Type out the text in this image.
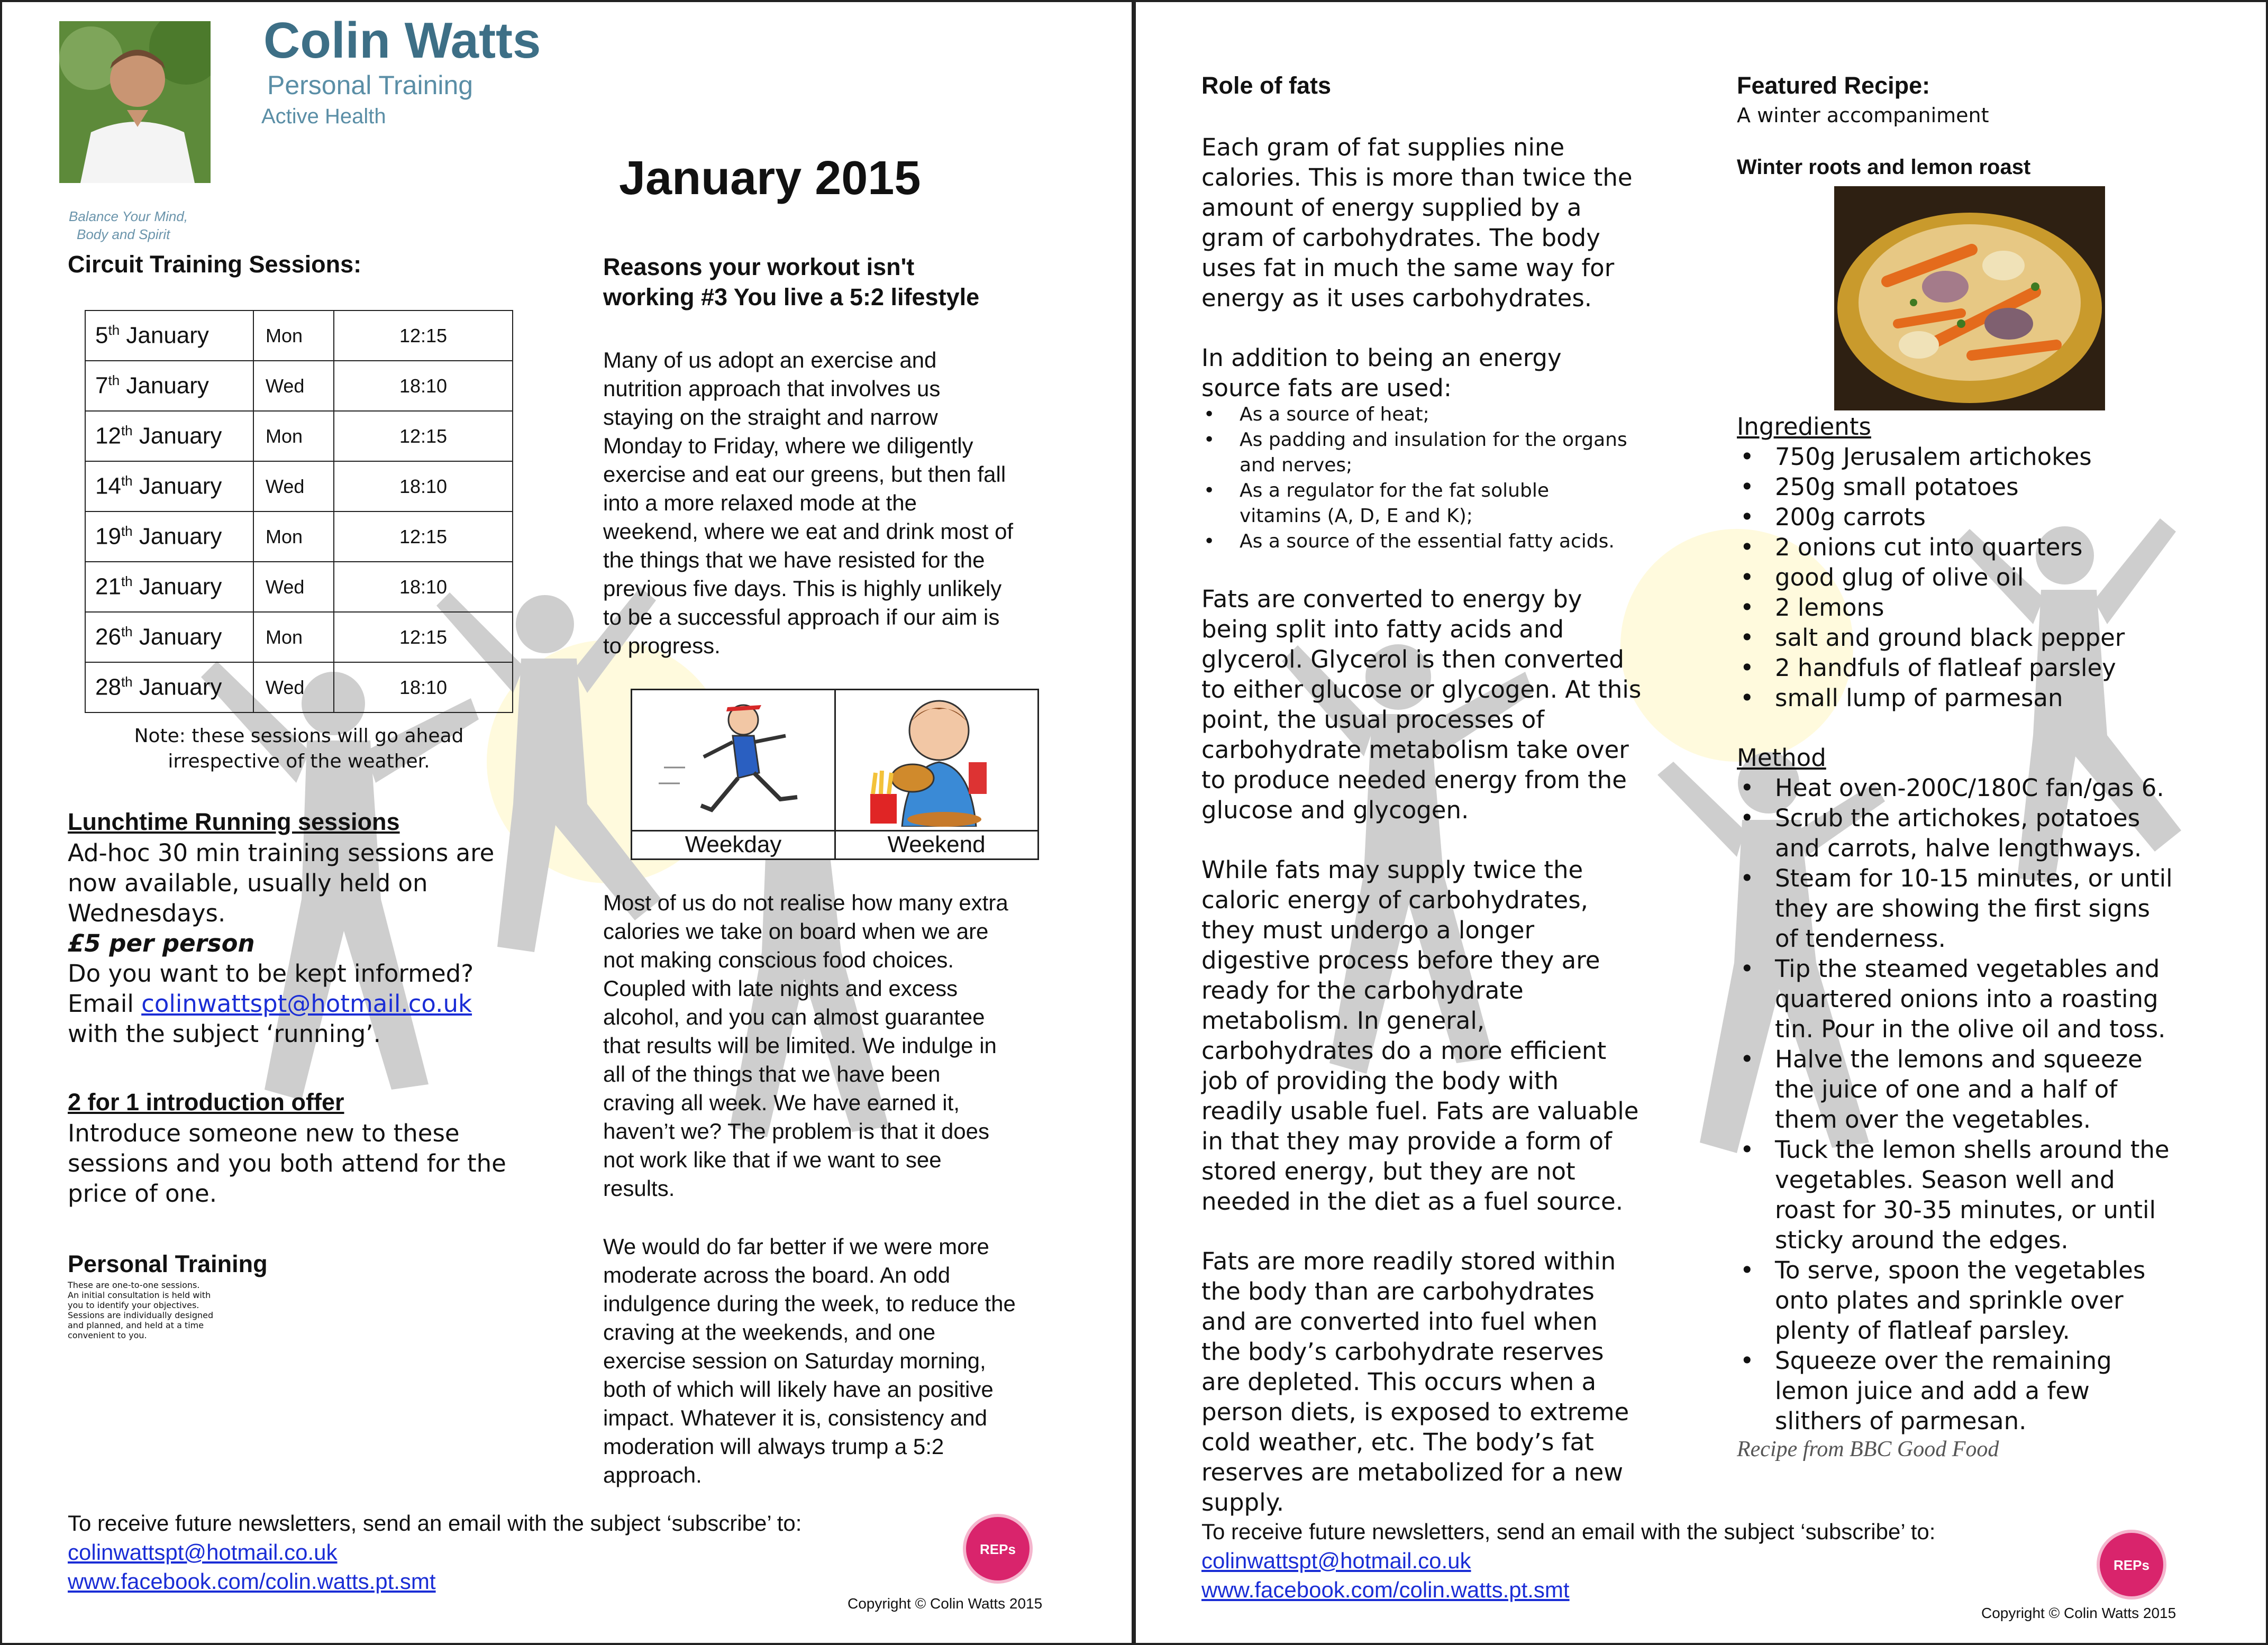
Colin Watts
Personal Training
Active Health
Balance Your Mind,
Body and Spirit
January 2015
Circuit Training Sessions:
5th January	Mon	12:15
7th January	Wed	18:10
12th January	Mon	12:15
14th January	Wed	18:10
19th January	Mon	12:15
21th January	Wed	18:10
26th January	Mon	12:15
28th January	Wed	18:10
Note: these sessions will go ahead
irrespective of the weather.
Lunchtime Running sessions
Ad-hoc 30 min training sessions are
now available, usually held on
Wednesdays.
£5 per person
Do you want to be kept informed?
Email colinwattspt@hotmail.co.uk
with the subject ‘running’.
2 for 1 introduction offer
Introduce someone new to these
sessions and you both attend for the
price of one.
Personal Training
These are one-to-one sessions.
An initial consultation is held with
you to identify your objectives.
Sessions are individually designed
and planned, and held at a time
convenient to you.
Reasons your workout isn't
working #3 You live a 5:2 lifestyle
Many of us adopt an exercise and
nutrition approach that involves us
staying on the straight and narrow
Monday to Friday, where we diligently
exercise and eat our greens, but then fall
into a more relaxed mode at the
weekend, where we eat and drink most of
the things that we have resisted for the
previous five days. This is highly unlikely
to be a successful approach if our aim is
to progress.
Weekday	Weekend
Most of us do not realise how many extra
calories we take on board when we are
not making conscious food choices.
Coupled with late nights and excess
alcohol, and you can almost guarantee
that results will be limited. We indulge in
all of the things that we have been
craving all week. We have earned it,
haven’t we? The problem is that it does
not work like that if we want to see
results.
We would do far better if we were more
moderate across the board. An odd
indulgence during the week, to reduce the
craving at the weekends, and one
exercise session on Saturday morning,
both of which will likely have an positive
impact. Whatever it is, consistency and
moderation will always trump a 5:2
approach.
To receive future newsletters, send an email with the subject ‘subscribe’ to:
colinwattspt@hotmail.co.uk
www.facebook.com/colin.watts.pt.smt
REPs
Copyright © Colin Watts 2015
Role of fats
Each gram of fat supplies nine
calories. This is more than twice the
amount of energy supplied by a
gram of carbohydrates. The body
uses fat in much the same way for
energy as it uses carbohydrates.
In addition to being an energy
source fats are used:
• As a source of heat;
• As padding and insulation for the organs
and nerves;
• As a regulator for the fat soluble
vitamins (A, D, E and K);
• As a source of the essential fatty acids.
Fats are converted to energy by
being split into fatty acids and
glycerol. Glycerol is then converted
to either glucose or glycogen. At this
point, the usual processes of
carbohydrate metabolism take over
to produce needed energy from the
glucose and glycogen.
While fats may supply twice the
caloric energy of carbohydrates,
they must undergo a longer
digestive process before they are
ready for the carbohydrate
metabolism. In general,
carbohydrates do a more efficient
job of providing the body with
readily usable fuel. Fats are valuable
in that they may provide a form of
stored energy, but they are not
needed in the diet as a fuel source.
Fats are more readily stored within
the body than are carbohydrates
and are converted into fuel when
the body’s carbohydrate reserves
are depleted. This occurs when a
person diets, is exposed to extreme
cold weather, etc. The body’s fat
reserves are metabolized for a new
supply.
Featured Recipe:
A winter accompaniment
Winter roots and lemon roast
Ingredients
• 750g Jerusalem artichokes
• 250g small potatoes
• 200g carrots
• 2 onions cut into quarters
• good glug of olive oil
• 2 lemons
• salt and ground black pepper
• 2 handfuls of flatleaf parsley
• small lump of parmesan
Method
• Heat oven-200C/180C fan/gas 6.
• Scrub the artichokes, potatoes
and carrots, halve lengthways.
• Steam for 10-15 minutes, or until
they are showing the first signs
of tenderness.
• Tip the steamed vegetables and
quartered onions into a roasting
tin. Pour in the olive oil and toss.
• Halve the lemons and squeeze
the juice of one and a half of
them over the vegetables.
• Tuck the lemon shells around the
vegetables. Season well and
roast for 30-35 minutes, or until
sticky around the edges.
• To serve, spoon the vegetables
onto plates and sprinkle over
plenty of flatleaf parsley.
• Squeeze over the remaining
lemon juice and add a few
slithers of parmesan.
Recipe from BBC Good Food
To receive future newsletters, send an email with the subject ‘subscribe’ to:
colinwattspt@hotmail.co.uk
www.facebook.com/colin.watts.pt.smt
REPs
Copyright © Colin Watts 2015
